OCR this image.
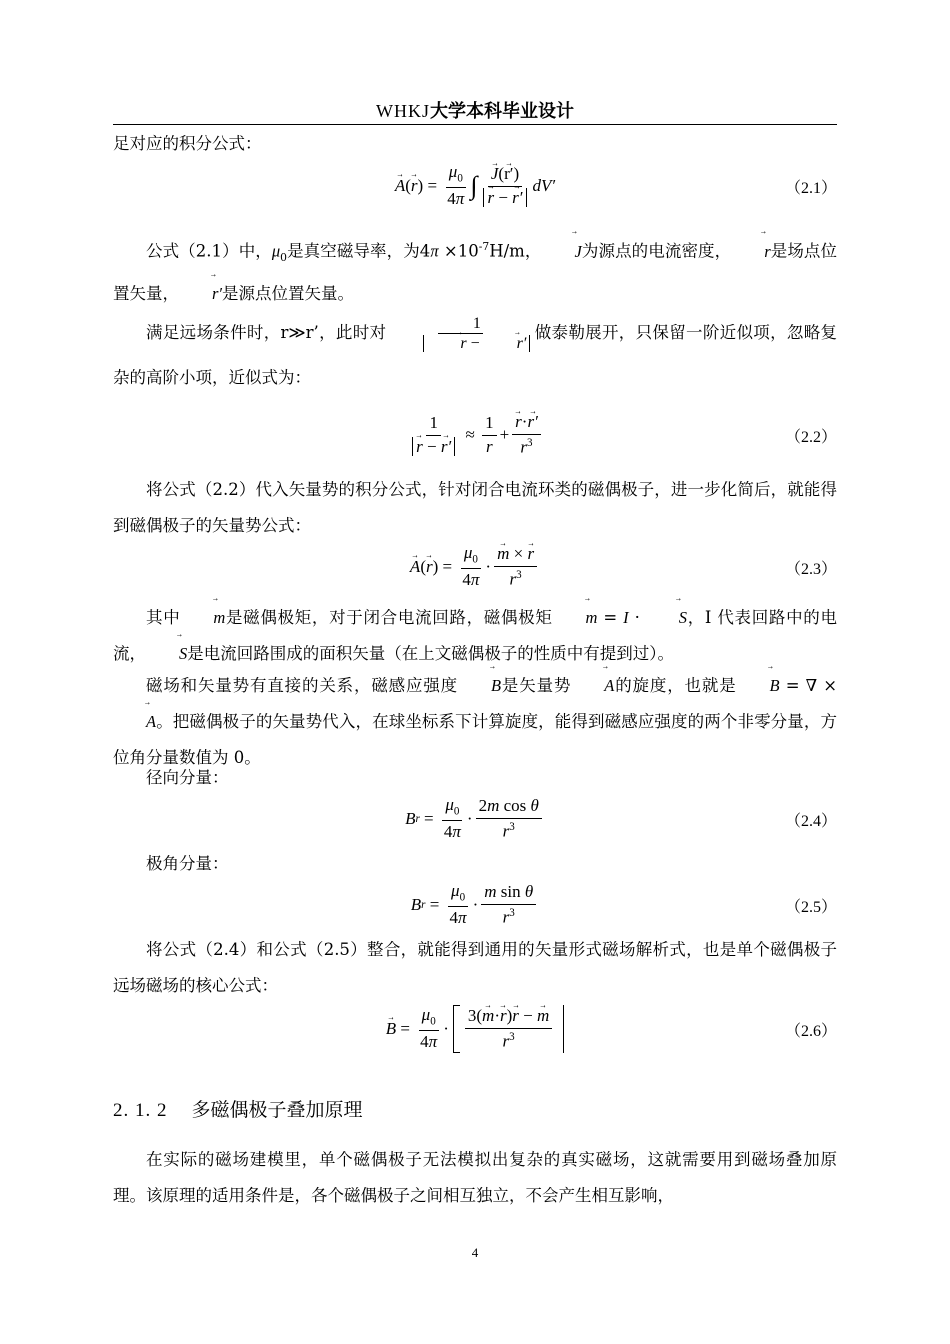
WHKJ大学本科毕业设计
足对应的积分公式：
→ A ( → r ) = $\frac{\mu_0}{4\pi}$ ∫ → J(→ r′)
→ r − → r′ dV′	（2.1）
公式（2.1）中，$\mu_0$是真空磁导率，为$4\pi \times 10^{-7}H/m$， → J为源点的电流密度， → r是场点位置矢量， → r′是源点位置矢量。
满足远场条件时，r≫r’，此时对 1
→ r − → r′ 做泰勒展开，只保留一阶近似项，忽略复杂的高阶小项，近似式为：
1
→ r − → $r' \approx \frac{1}{r}$ + → $\frac{r\cdot\to r'}{r^3}$	（2.2）
将公式（2.2）代入矢量势的积分公式，针对闭合电流环类的磁偶极子，进一步化简后，就能得到磁偶极子的矢量势公式：
→ A ( → r ) = $\frac{\mu_0}{4\pi}$ · → $\frac{m \times \to r}{r^3}$	（2.3）
其中 → m是磁偶极矩，对于闭合电流回路，磁偶极矩 → m = I · → S，I 代表回路中的电流， → S是电流回路围成的面积矢量（在上文磁偶极子的性质中有提到过）。
磁场和矢量势有直接的关系，磁感应强度 → B是矢量势 → A的旋度，也就是 → B = ∇ × → A。把磁偶极子的矢量势代入，在球坐标系下计算旋度，能得到磁感应强度的两个非零分量，方位角分量数值为 0。
径向分量：
B $r = \frac{\mu_0}{4\pi} \cdot \frac{\text{2m cos θ}}{r^3}$	（2.4）
极角分量：
B $r = \frac{\mu_0}{4\pi} \cdot \frac{\text{m sin θ}}{r^3}$	（2.5）
将公式（2.4）和公式（2.5）整合，就能得到通用的矢量形式磁场解析式，也是单个磁偶极子远场磁场的核心公式：
→ $B = \frac{\mu_0}{4\pi} \cdot \frac{3(\to m\cdot\to r)\to r - \to m}{r^3}$	（2.6）
2. 1. 2 多磁偶极子叠加原理
在实际的磁场建模里，单个磁偶极子无法模拟出复杂的真实磁场，这就需要用到磁场叠加原理。该原理的适用条件是，各个磁偶极子之间相互独立，不会产生相互影响，
4
